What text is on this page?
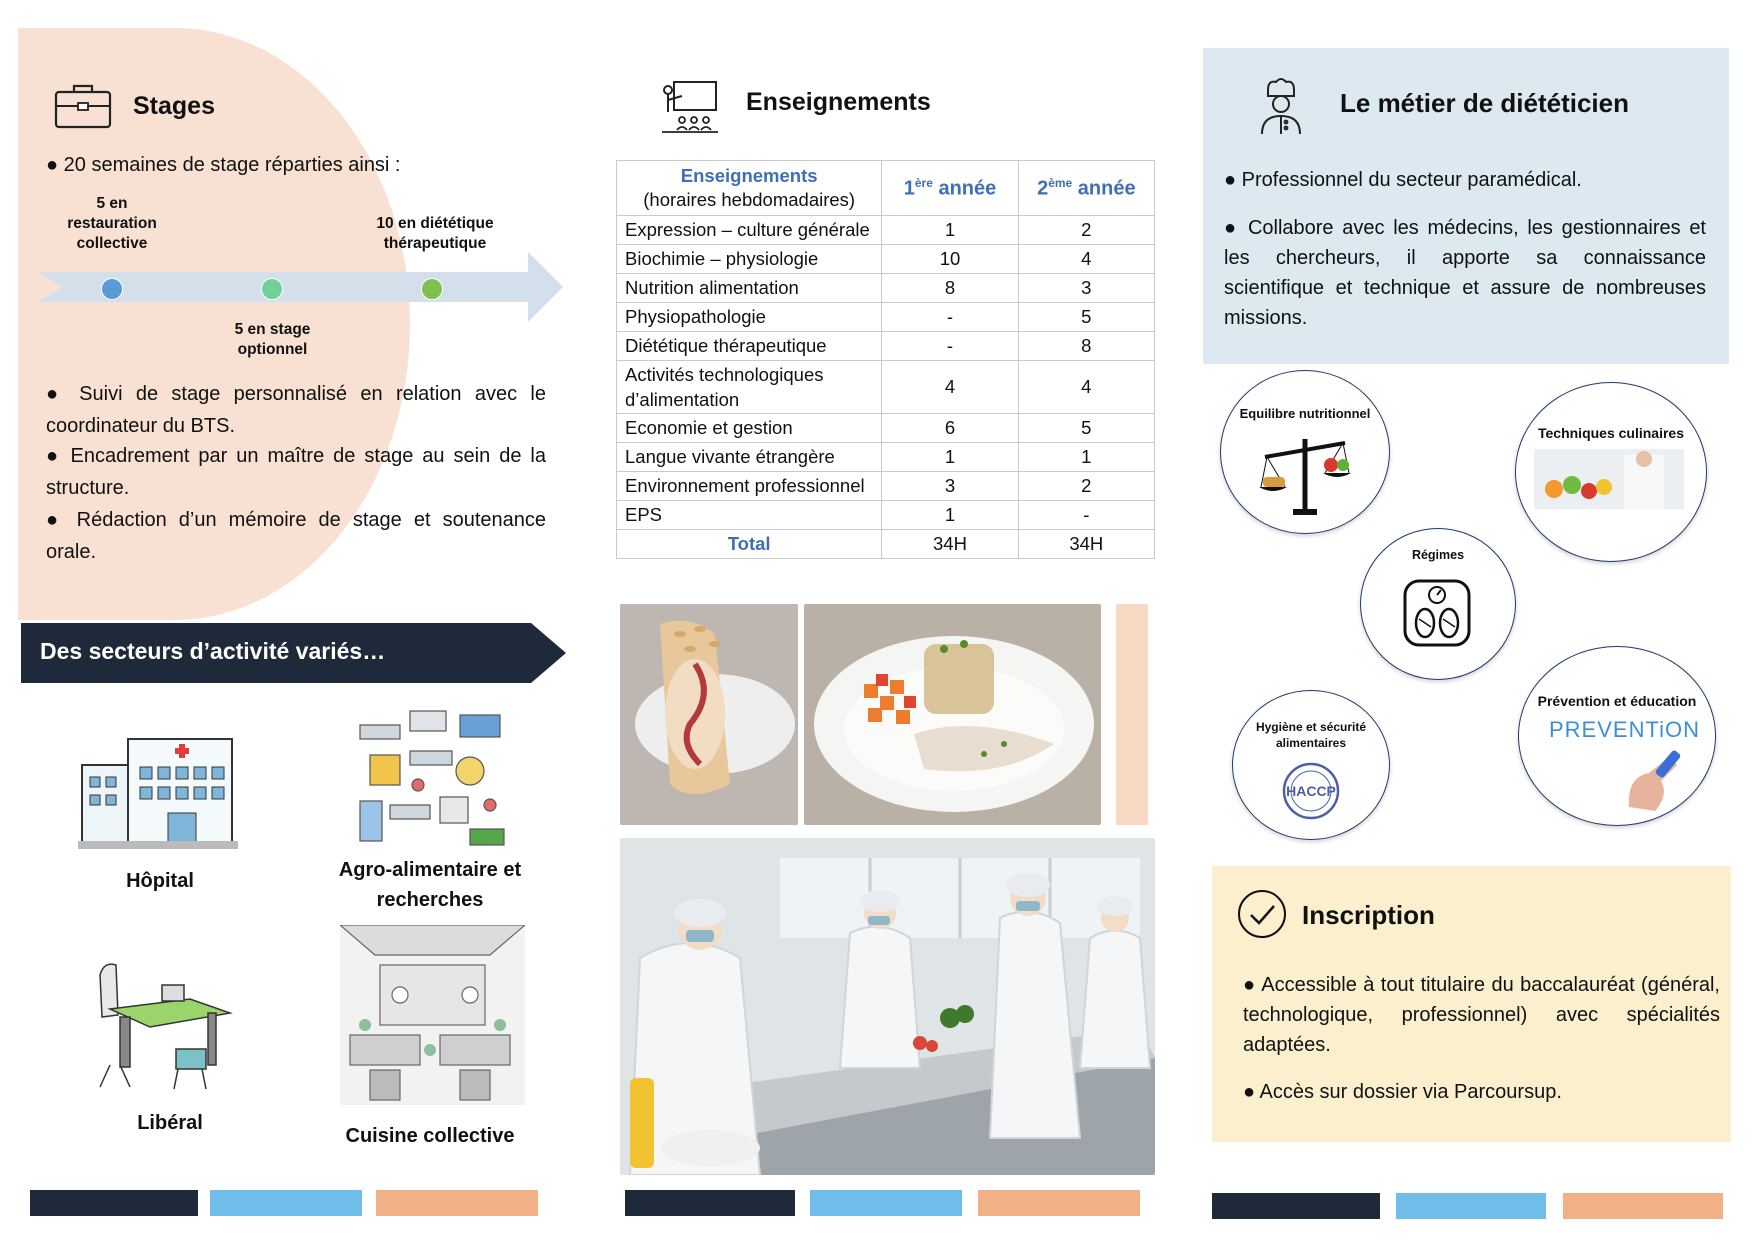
Stages
● 20 semaines de stage réparties ainsi :
5 en restauration collective
10 en diététique thérapeutique
5 en stage optionnel
● Suivi de stage personnalisé en relation avec le coordinateur du BTS.
● Encadrement par un maître de stage au sein de la structure.
● Rédaction d’un mémoire de stage et soutenance orale.
Des secteurs d’activité variés…
Hôpital	Agro-alimentaire et recherches
Libéral
Cuisine collective
Enseignements
Enseignements
(horaires hebdomadaires)	1ère année	2ème année
Expression – culture générale	1	2
Biochimie – physiologie	10	4
Nutrition alimentation	8	3
Physiopathologie	-	5
Diététique thérapeutique	-	8
Activités technologiques d’alimentation	4	4
Economie et gestion	6	5
Langue vivante étrangère	1	1
Environnement professionnel	3	2
EPS	1	-
Total	34H	34H
Le métier de diététicien
● Professionnel du secteur paramédical.
● Collabore avec les médecins, les gestionnaires et les chercheurs, il apporte sa connaissance scientifique et technique et assure de nombreuses missions.
Equilibre nutritionnel
Techniques culinaires
Régimes
Hygiène et sécurité alimentaires
HACCP
Prévention et éducation
PREVENTiON
Inscription
● Accessible à tout titulaire du baccalauréat (général, technologique, professionnel) avec spécialités adaptées.
● Accès sur dossier via Parcoursup.
